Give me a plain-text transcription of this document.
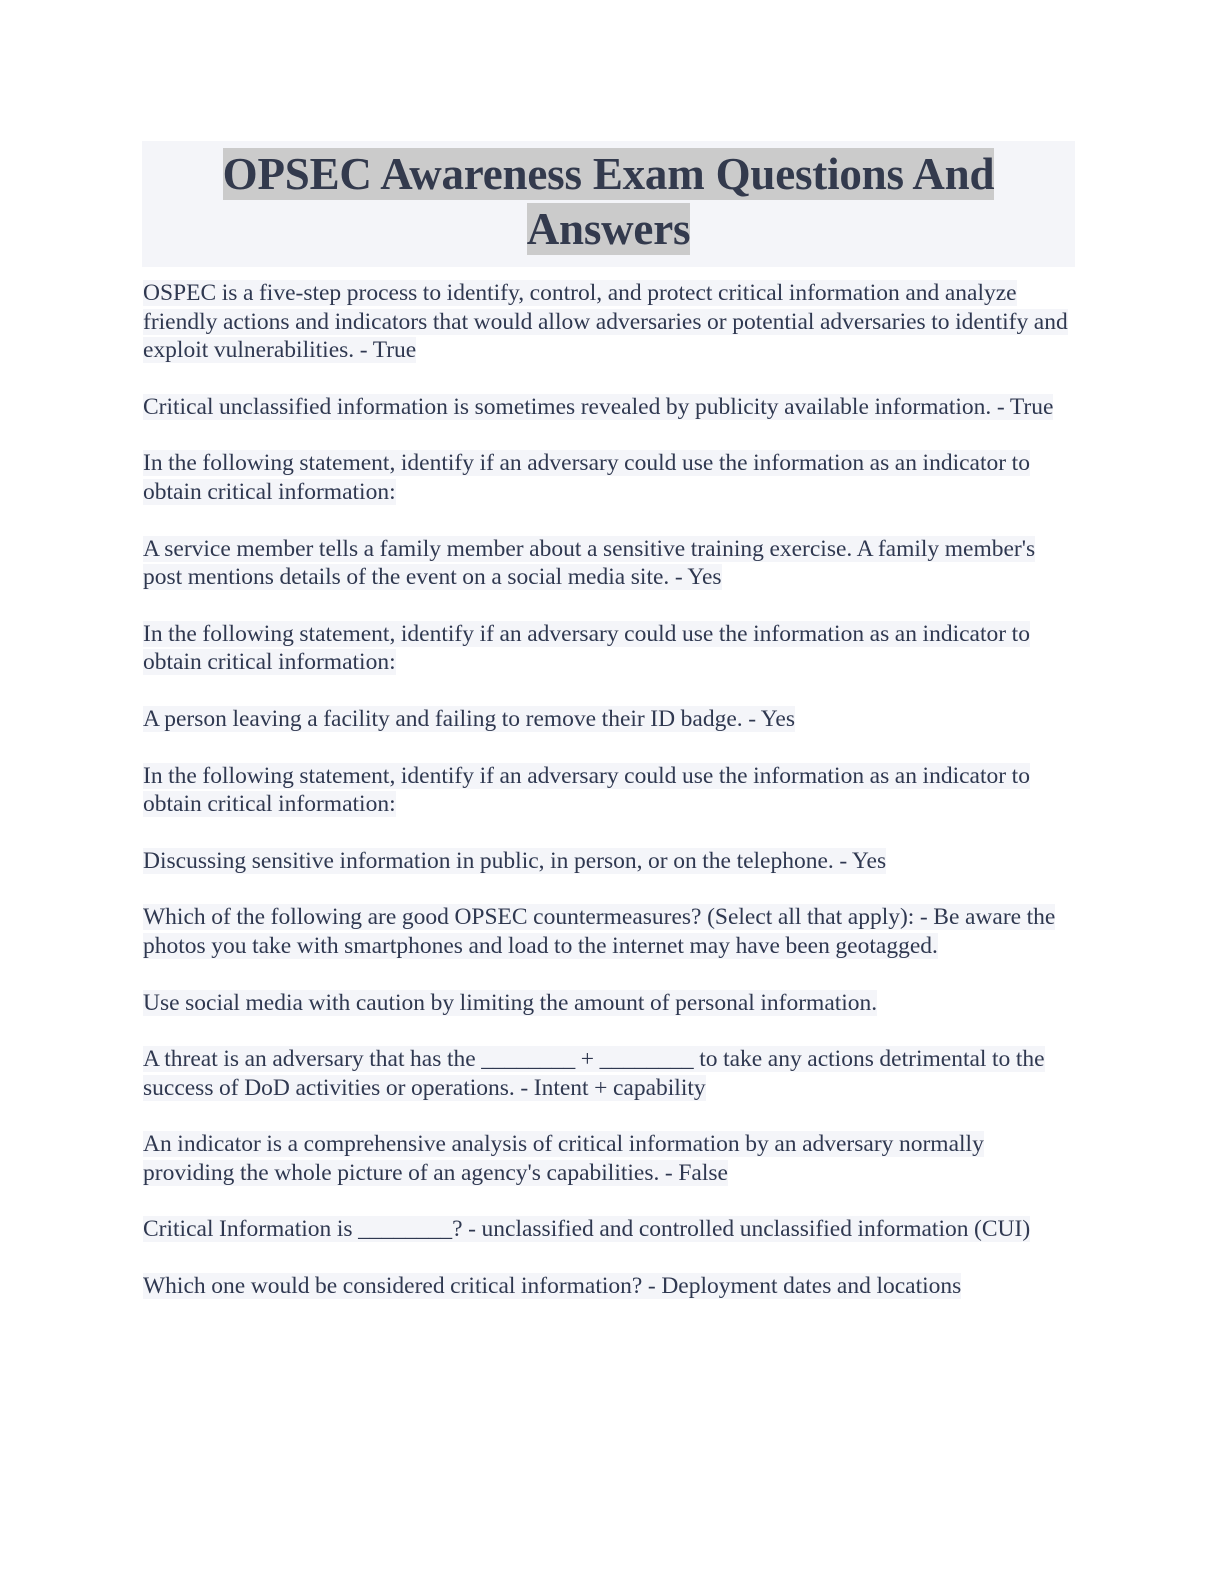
OPSEC Awareness Exam Questions And Answers

OSPEC is a five-step process to identify, control, and protect critical information and analyze friendly actions and indicators that would allow adversaries or potential adversaries to identify and exploit vulnerabilities. - True

Critical unclassified information is sometimes revealed by publicity available information. - True

In the following statement, identify if an adversary could use the information as an indicator to obtain critical information:

A service member tells a family member about a sensitive training exercise. A family member's post mentions details of the event on a social media site. - Yes

In the following statement, identify if an adversary could use the information as an indicator to obtain critical information:

A person leaving a facility and failing to remove their ID badge. - Yes

In the following statement, identify if an adversary could use the information as an indicator to obtain critical information:

Discussing sensitive information in public, in person, or on the telephone. - Yes

Which of the following are good OPSEC countermeasures? (Select all that apply): - Be aware the photos you take with smartphones and load to the internet may have been geotagged.

Use social media with caution by limiting the amount of personal information.

A threat is an adversary that has the ________ + ________ to take any actions detrimental to the success of DoD activities or operations. - Intent + capability

An indicator is a comprehensive analysis of critical information by an adversary normally providing the whole picture of an agency's capabilities. - False

Critical Information is ________? - unclassified and controlled unclassified information (CUI)

Which one would be considered critical information? - Deployment dates and locations
